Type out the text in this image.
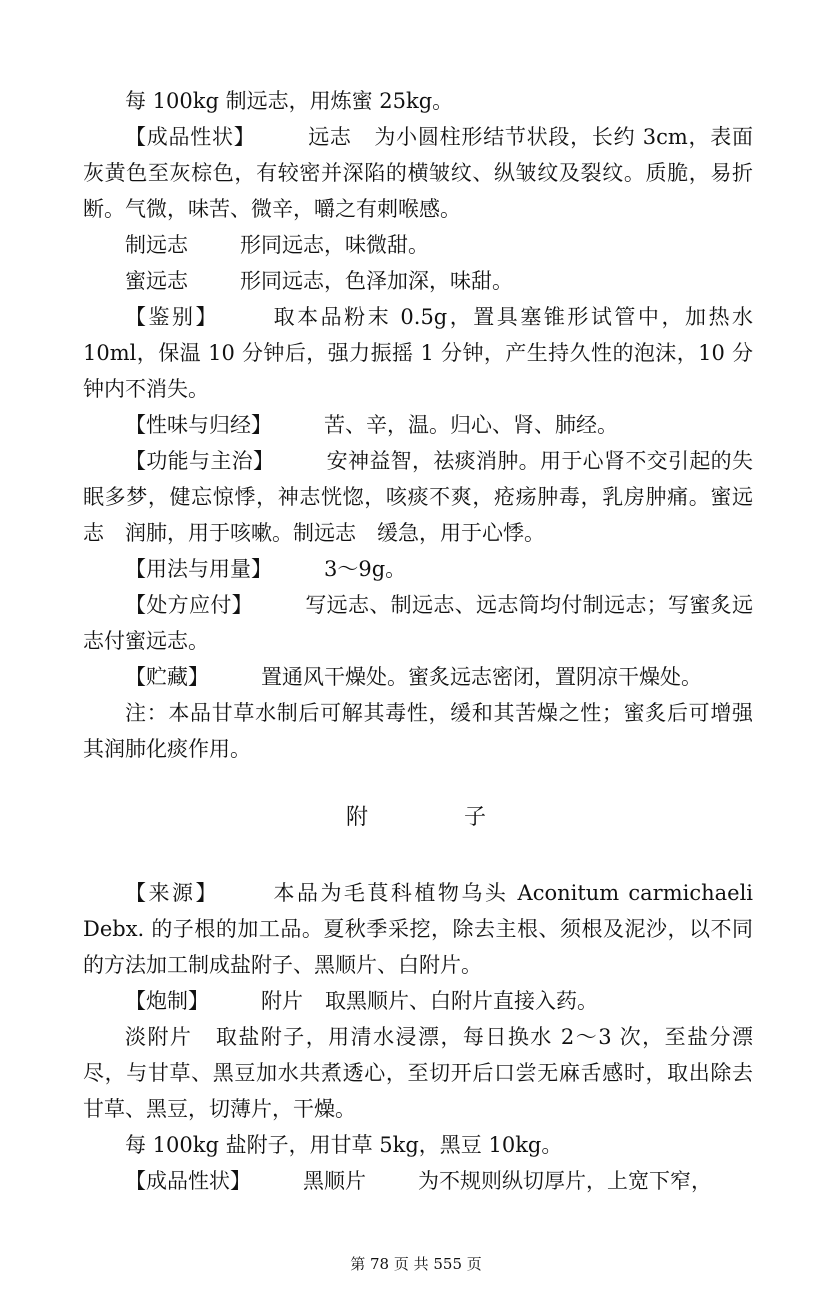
每 100kg 制远志，用炼蜜 25kg。

【成品性状】 远志 为小圆柱形结节状段，长约 3cm，表面灰黄色至灰棕色，有较密并深陷的横皱纹、纵皱纹及裂纹。质脆，易折断。气微，味苦、微辛，嚼之有刺喉感。

制远志 形同远志，味微甜。

蜜远志 形同远志，色泽加深，味甜。

【鉴别】 取本品粉末 0.5g，置具塞锥形试管中，加热水 10ml，保温 10 分钟后，强力振摇 1 分钟，产生持久性的泡沫，10 分钟内不消失。

【性味与归经】 苦、辛，温。归心、肾、肺经。

【功能与主治】 安神益智，祛痰消肿。用于心肾不交引起的失眠多梦，健忘惊悸，神志恍惚，咳痰不爽，疮疡肿毒，乳房肿痛。蜜远志　润肺，用于咳嗽。制远志　缓急，用于心悸。

【用法与用量】 3～9g。

【处方应付】 写远志、制远志、远志筒均付制远志；写蜜炙远志付蜜远志。

【贮藏】 置通风干燥处。蜜炙远志密闭，置阴凉干燥处。

注：本品甘草水制后可解其毒性，缓和其苦燥之性；蜜炙后可增强其润肺化痰作用。

附	子

【来源】 本品为毛茛科植物乌头 Aconitum carmichaeli Debx. 的子根的加工品。夏秋季采挖，除去主根、须根及泥沙，以不同的方法加工制成盐附子、黑顺片、白附片。

【炮制】 附片 取黑顺片、白附片直接入药。

淡附片 取盐附子，用清水浸漂，每日换水 2～3 次，至盐分漂尽，与甘草、黑豆加水共煮透心，至切开后口尝无麻舌感时，取出除去甘草、黑豆，切薄片，干燥。

每 100kg 盐附子，用甘草 5kg，黑豆 10kg。

【成品性状】 黑顺片 为不规则纵切厚片，上宽下窄，

第 78 页 共 555 页
